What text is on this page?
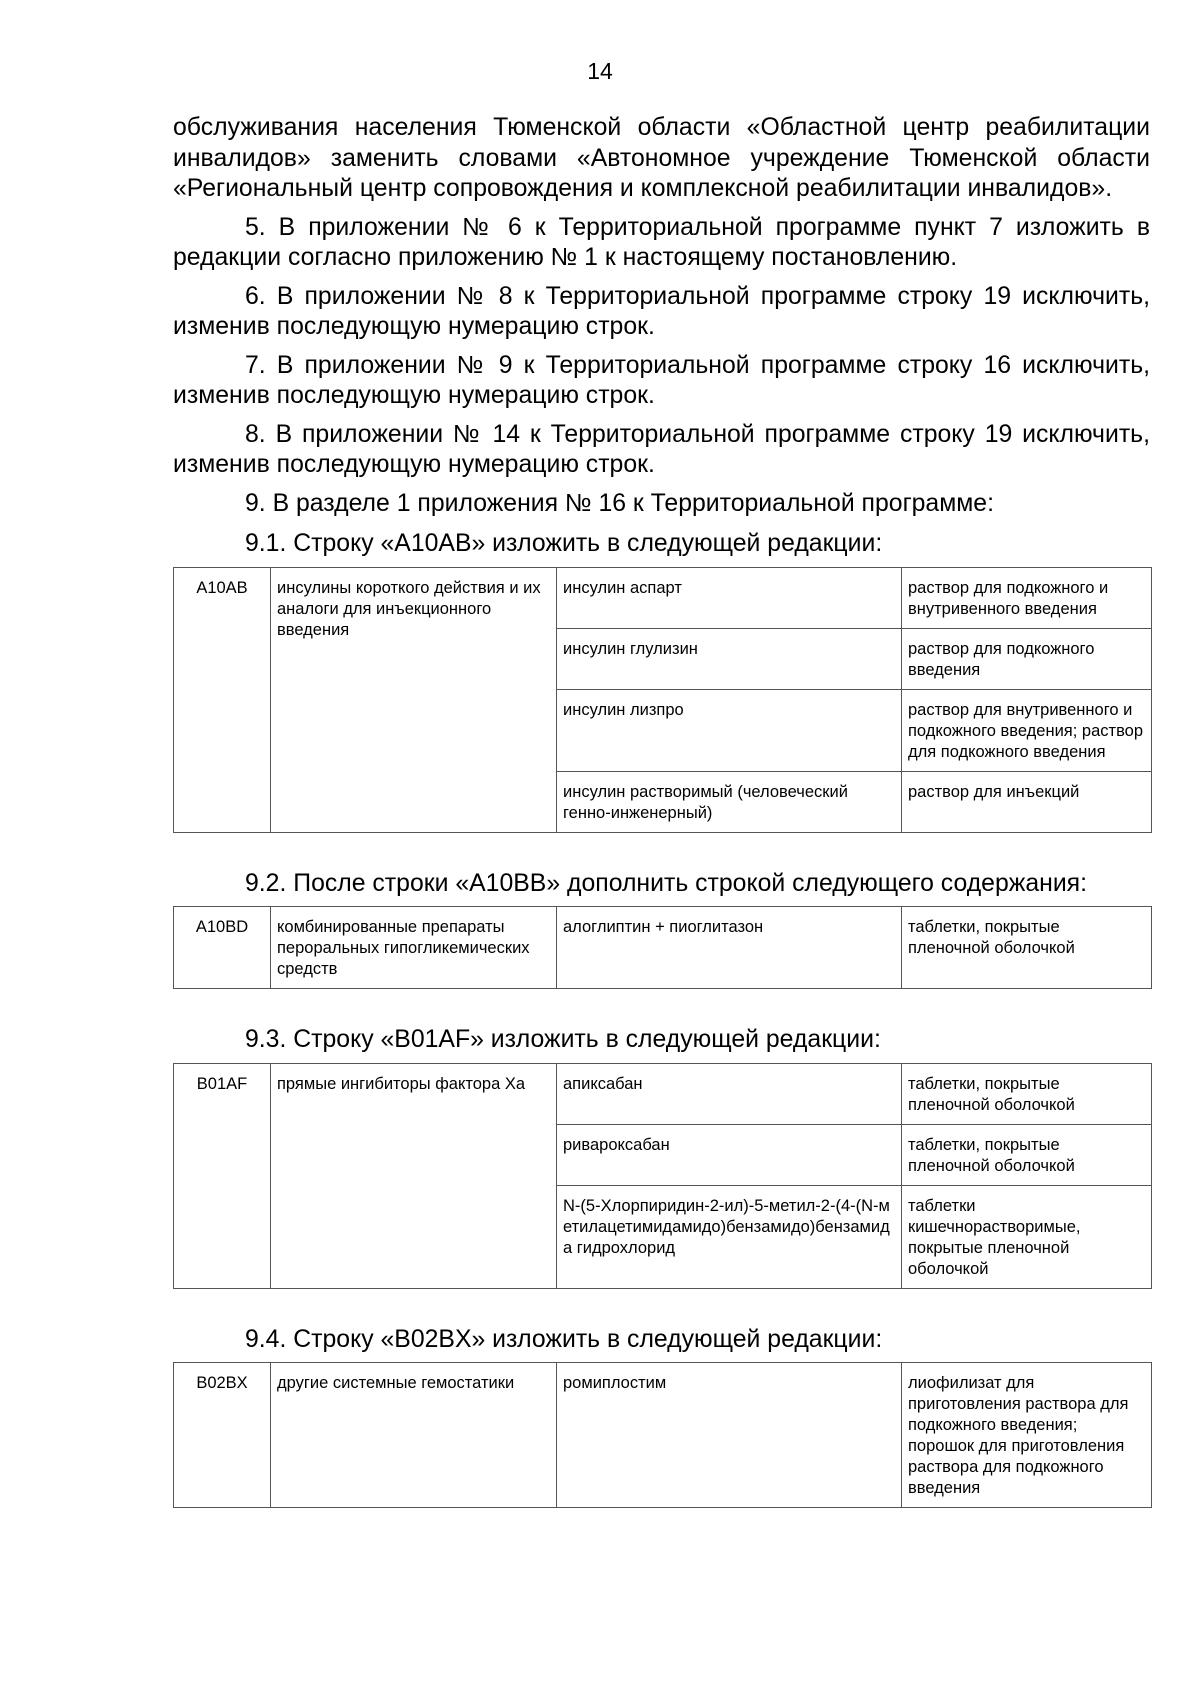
14

обслуживания населения Тюменской области «Областной центр реабилитации инвалидов» заменить словами «Автономное учреждение Тюменской области «Региональный центр сопровождения и комплексной реабилитации инвалидов».

5. В приложении № 6 к Территориальной программе пункт 7 изложить в редакции согласно приложению № 1 к настоящему постановлению.

6. В приложении № 8 к Территориальной программе строку 19 исключить, изменив последующую нумерацию строк.

7. В приложении № 9 к Территориальной программе строку 16 исключить, изменив последующую нумерацию строк.

8. В приложении № 14 к Территориальной программе строку 19 исключить, изменив последующую нумерацию строк.

9. В разделе 1 приложения № 16 к Территориальной программе:

9.1. Строку «A10AB» изложить в следующей редакции:

A10AB	инсулины короткого действия и их аналоги для инъекционного введения	инсулин аспарт	раствор для подкожного и внутривенного введения
		инсулин глулизин	раствор для подкожного введения
		инсулин лизпро	раствор для внутривенного и подкожного введения; раствор для подкожного введения
		инсулин растворимый (человеческий генно-инженерный)	раствор для инъекций

9.2. После строки «A10BB» дополнить строкой следующего содержания:

A10BD	комбинированные препараты пероральных гипогликемических средств	алоглиптин + пиоглитазон	таблетки, покрытые пленочной оболочкой

9.3. Строку «B01AF» изложить в следующей редакции:

B01AF	прямые ингибиторы фактора Xa	апиксабан	таблетки, покрытые пленочной оболочкой
		ривароксабан	таблетки, покрытые пленочной оболочкой
		N-(5-Хлорпиридин-2-ил)-5-метил-2-(4-(N-метилацетимидамидо)бензамидо)бензамида гидрохлорид	таблетки кишечнорастворимые, покрытые пленочной оболочкой

9.4. Строку «B02BX» изложить в следующей редакции:

B02BX	другие системные гемостатики	ромиплостим	лиофилизат для приготовления раствора для подкожного введения; порошок для приготовления раствора для подкожного введения
